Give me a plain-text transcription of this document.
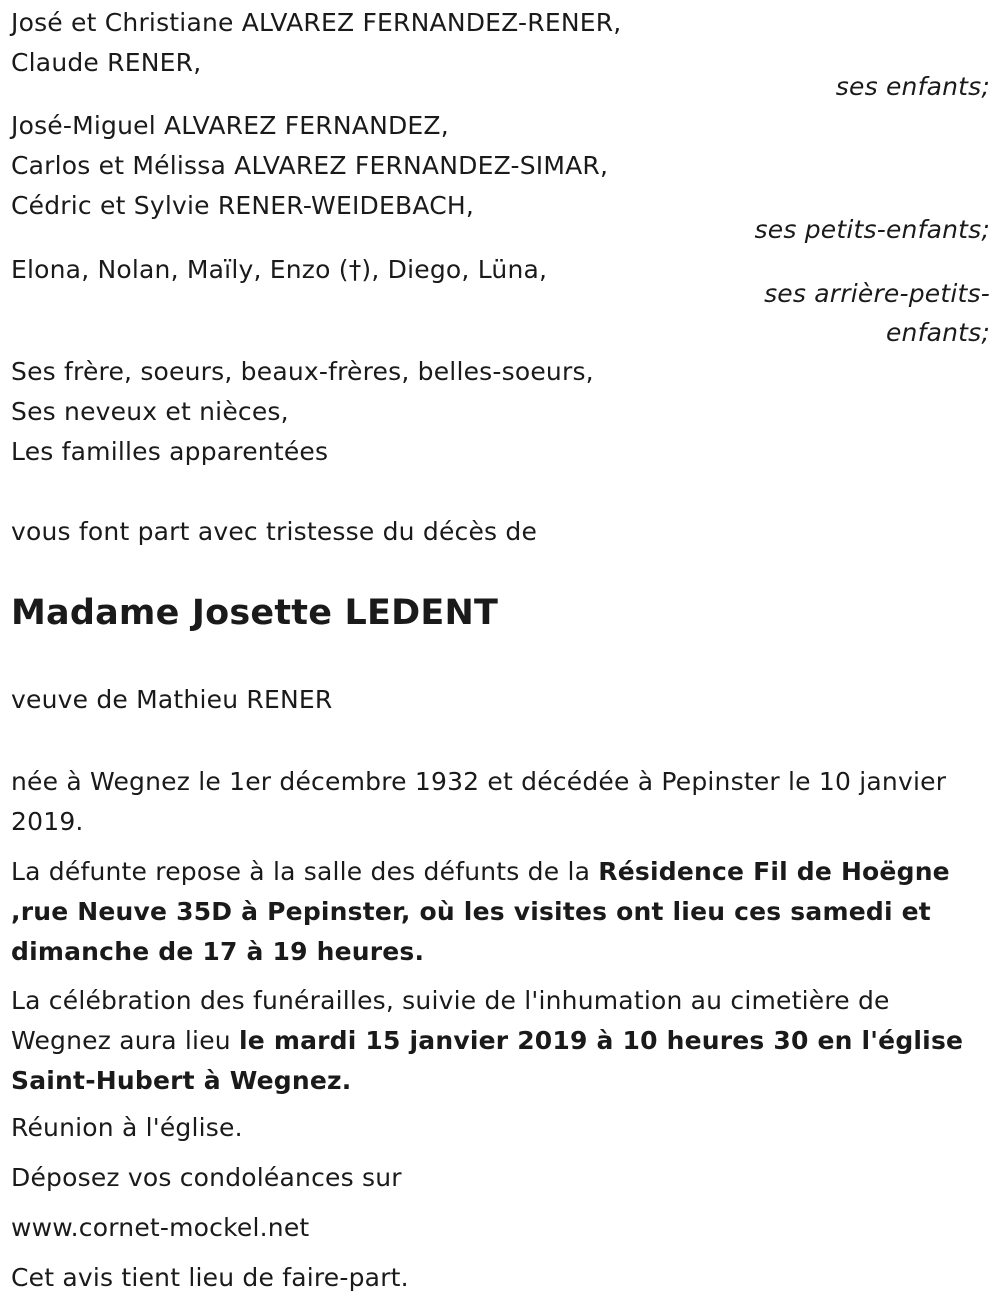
José et Christiane ALVAREZ FERNANDEZ-RENER,
Claude RENER,
ses enfants;
José-Miguel ALVAREZ FERNANDEZ,
Carlos et Mélissa ALVAREZ FERNANDEZ-SIMAR,
Cédric et Sylvie RENER-WEIDEBACH,
ses petits-enfants;
Elona, Nolan, Maïly, Enzo (†), Diego, Lüna,
ses arrière-petits-
enfants;
Ses frère, soeurs, beaux-frères, belles-soeurs,
Ses neveux et nièces,
Les familles apparentées
vous font part avec tristesse du décès de
Madame Josette LEDENT
veuve de Mathieu RENER
née à Wegnez le 1er décembre 1932 et décédée à Pepinster le 10 janvier 2019.
La défunte repose à la salle des défunts de la Résidence Fil de Hoëgne ,rue Neuve 35D à Pepinster, où les visites ont lieu ces samedi et dimanche de 17 à 19 heures.
La célébration des funérailles, suivie de l'inhumation au cimetière de Wegnez aura lieu le mardi 15 janvier 2019 à 10 heures 30 en l'église Saint-Hubert à Wegnez.
Réunion à l'église.
Déposez vos condoléances sur
www.cornet-mockel.net
Cet avis tient lieu de faire-part.
